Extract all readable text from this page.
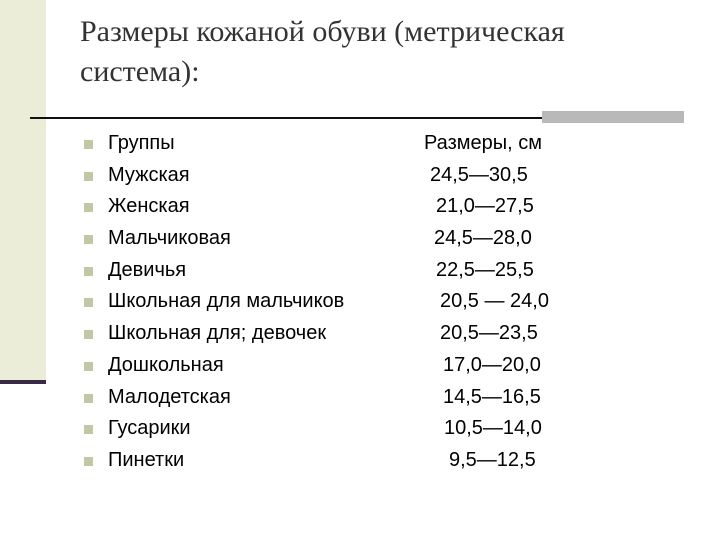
Размеры кожаной обуви (метрическая система):
Группы	Размеры, см
Мужская	24,5—30,5
Женская	21,0—27,5
Мальчиковая	24,5—28,0
Девичья	22,5—25,5
Школьная для мальчиков	20,5 — 24,0
Школьная для; девочек	20,5—23,5
Дошкольная	17,0—20,0
Малодетская	14,5—16,5
Гусарики	10,5—14,0
Пинетки	9,5—12,5
